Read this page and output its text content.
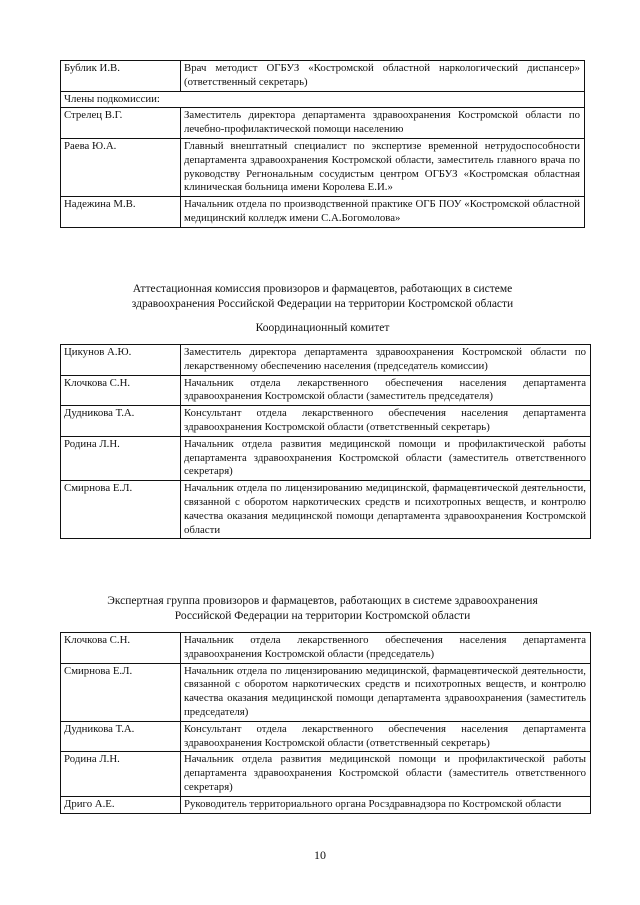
Бублик И.В.	Врач методист ОГБУЗ «Костромской областной наркологический диспансер» (ответственный секретарь)
Члены подкомиссии:	
Стрелец В.Г.	Заместитель директора департамента здравоохранения Костромской области по лечебно-профилактической помощи населению
Раева Ю.А.	Главный внештатный специалист по экспертизе временной нетрудоспособности департамента здравоохранения Костромской области, заместитель главного врача по руководству Регнональным сосудистым центром ОГБУЗ «Костромская областная клиническая больница имени Королева Е.И.»
Надежина М.В.	Начальник отдела по производственной практике ОГБ ПОУ «Костромской областной медицинский колледж имени С.А.Богомолова»
Аттестационная комиссия провизоров и фармацевтов, работающих в системе
здравоохранения Российской Федерации на территории Костромской области
Координационный комитет
Цикунов А.Ю.	Заместитель директора департамента здравоохранения Костромской области по лекарственному обеспечению населения (председатель комиссии)
Клочкова С.Н.	Начальник отдела лекарственного обеспечения населения департамента здравоохранения Костромской области (заместитель председателя)
Дудникова Т.А.	Консультант отдела лекарственного обеспечения населения департамента здравоохранения Костромской области (ответственный секретарь)
Родина Л.Н.	Начальник отдела развития медицинской помощи и профилактической работы департамента здравоохранения Костромской области (заместитель ответственного секретаря)
Смирнова Е.Л.	Начальник отдела по лицензированию медицинской, фармацевтической деятельности, связанной с оборотом наркотических средств и психотропных веществ, и контролю качества оказания медицинской помощи департамента здравоохранения Костромской области
Экспертная группа провизоров и фармацевтов, работающих в системе здравоохранения
Российской Федерации на территории Костромской области
Клочкова С.Н.	Начальник отдела лекарственного обеспечения населения департамента здравоохранения Костромской области (председатель)
Смирнова Е.Л.	Начальник отдела по лицензированию медицинской, фармацевтической деятельности, связанной с оборотом наркотических средств и психотропных веществ, и контролю качества оказания медицинской помощи департамента здравоохранения (заместитель председателя)
Дудникова Т.А.	Консультант отдела лекарственного обеспечения населения департамента здравоохранения Костромской области (ответственный секретарь)
Родина Л.Н.	Начальник отдела развития медицинской помощи и профилактической работы департамента здравоохранения Костромской области (заместитель ответственного секретаря)
Дриго А.Е.	Руководитель территориального органа Росздравнадзора по Костромской области
10
